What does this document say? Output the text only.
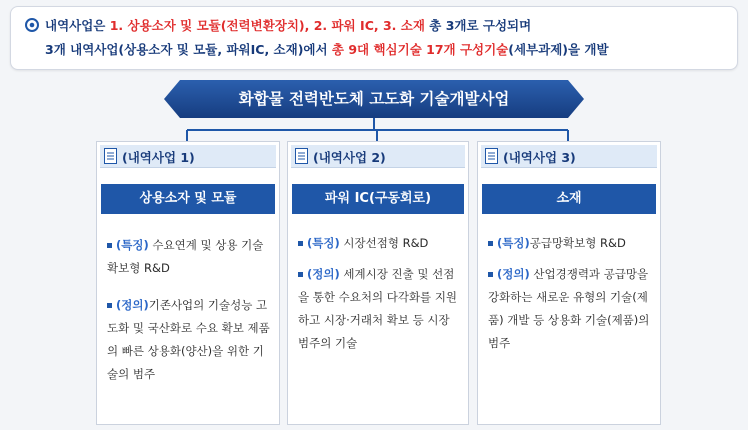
내역사업은 1. 상용소자 및 모듈(전력변환장치), 2. 파워 IC, 3. 소재 총 3개로 구성되며
3개 내역사업(상용소자 및 모듈, 파워IC, 소재)에서 총 9대 핵심기술 17개 구성기술(세부과제)을 개발
화합물 전력반도체 고도화 기술개발사업
(내역사업 1)
상용소자 및 모듈
(특징) 수요연계 및 상용 기술 확보형 R&D
(정의)기존사업의 기술성능 고도화 및 국산화로 수요 확보 제품의 빠른 상용화(양산)을 위한 기술의 범주
(내역사업 2)
파워 IC(구동회로)
(특징) 시장선점형 R&D
(정의) 세계시장 진출 및 선점을 통한 수요처의 다각화를 지원하고 시장·거래처 확보 등 시장 범주의 기술
(내역사업 3)
소재
(특징)공급망확보형 R&D
(정의) 산업경쟁력과 공급망을 강화하는 새로운 유형의 기술(제품) 개발 등 상용화 기술(제품)의 범주
